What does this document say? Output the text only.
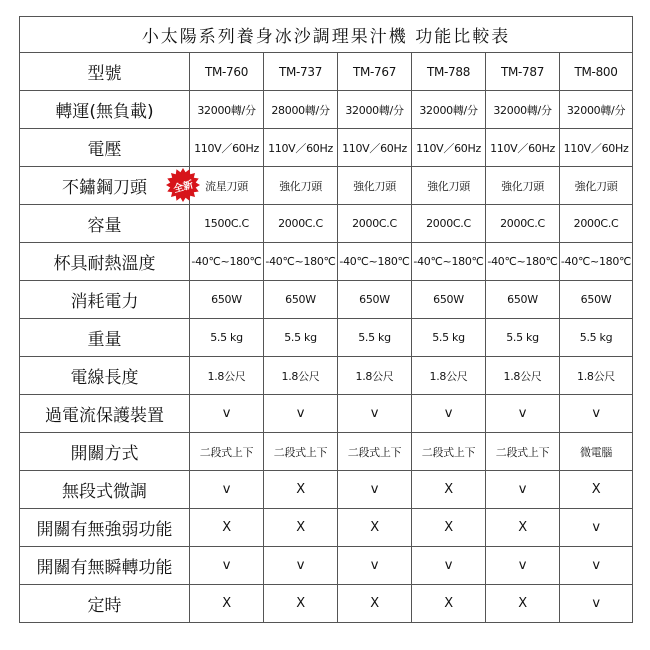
小太陽系列養身冰沙調理果汁機 功能比較表						
型號	TM-760	TM-737	TM-767	TM-788	TM-787	TM-800
轉運(無負載)	32000轉/分	28000轉/分	32000轉/分	32000轉/分	32000轉/分	32000轉/分
電壓	110V／60Hz	110V／60Hz	110V／60Hz	110V／60Hz	110V／60Hz	110V／60Hz

不鏽鋼刀頭 全新	流星刀頭	強化刀頭	強化刀頭	強化刀頭	強化刀頭	強化刀頭
容量	1500C.C	2000C.C	2000C.C	2000C.C	2000C.C	2000C.C
杯具耐熱溫度	-40℃~180℃	-40℃~180℃	-40℃~180℃	-40℃~180℃	-40℃~180℃	-40℃~180℃
消耗電力	650W	650W	650W	650W	650W	650W
重量	5.5 kg	5.5 kg	5.5 kg	5.5 kg	5.5 kg	5.5 kg
電線長度	1.8公尺	1.8公尺	1.8公尺	1.8公尺	1.8公尺	1.8公尺
過電流保護裝置	v	v	v	v	v	v
開關方式	二段式上下	二段式上下	二段式上下	二段式上下	二段式上下	微電腦
無段式微調	v	X	v	X	v	X
開關有無強弱功能	X	X	X	X	X	v
開關有無瞬轉功能	v	v	v	v	v	v
定時	X	X	X	X	X	v
